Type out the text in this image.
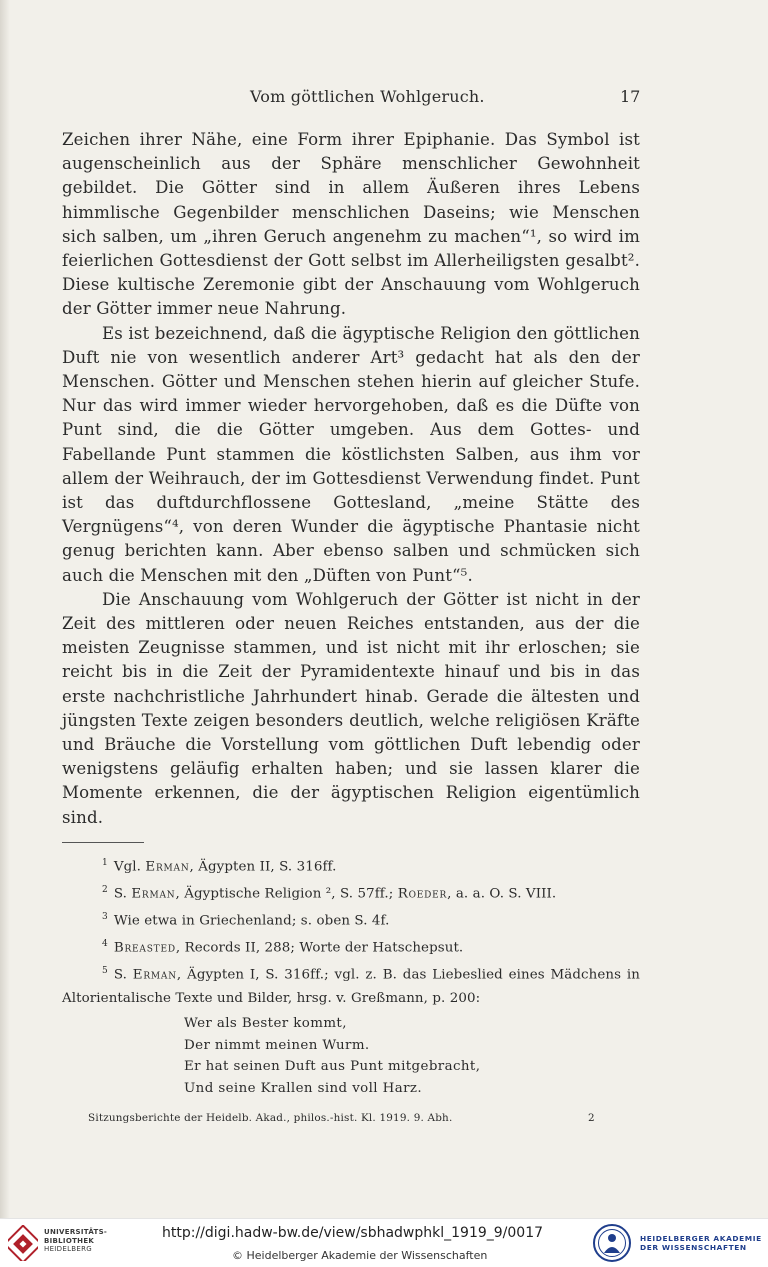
Vom göttlichen Wohlgeruch.	17

Zeichen ihrer Nähe, eine Form ihrer Epiphanie. Das Symbol ist augenscheinlich aus der Sphäre menschlicher Gewohnheit gebildet. Die Götter sind in allem Äußeren ihres Lebens himmlische Gegenbilder menschlichen Daseins; wie Menschen sich salben, um „ihren Geruch angenehm zu machen“¹, so wird im feierlichen Gottesdienst der Gott selbst im Allerheiligsten gesalbt². Diese kultische Zeremonie gibt der Anschauung vom Wohlgeruch der Götter immer neue Nahrung.

Es ist bezeichnend, daß die ägyptische Religion den göttlichen Duft nie von wesentlich anderer Art³ gedacht hat als den der Menschen. Götter und Menschen stehen hierin auf gleicher Stufe. Nur das wird immer wieder hervorgehoben, daß es die Düfte von Punt sind, die die Götter umgeben. Aus dem Gottes- und Fabellande Punt stammen die köstlichsten Salben, aus ihm vor allem der Weihrauch, der im Gottesdienst Verwendung findet. Punt ist das duftdurchflossene Gottesland, „meine Stätte des Vergnügens“⁴, von deren Wunder die ägyptische Phantasie nicht genug berichten kann. Aber ebenso salben und schmücken sich auch die Menschen mit den „Düften von Punt“⁵.

Die Anschauung vom Wohlgeruch der Götter ist nicht in der Zeit des mittleren oder neuen Reiches entstanden, aus der die meisten Zeugnisse stammen, und ist nicht mit ihr erloschen; sie reicht bis in die Zeit der Pyramidentexte hinauf und bis in das erste nachchristliche Jahrhundert hinab. Gerade die ältesten und jüngsten Texte zeigen besonders deutlich, welche religiösen Kräfte und Bräuche die Vorstellung vom göttlichen Duft lebendig oder wenigstens geläufig erhalten haben; und sie lassen klarer die Momente erkennen, die der ägyptischen Religion eigentümlich sind.

$^1$ Vgl. Erman, Ägypten II, S. 316ff.

$^2$ S. Erman, Ägyptische Religion ², S. 57ff.; Roeder, a. a. O. S. VIII.

$^3$ Wie etwa in Griechenland; s. oben S. 4f.

$^4$ Breasted, Records II, 288; Worte der Hatschepsut.

$^5$ S. Erman, Ägypten I, S. 316ff.; vgl. z. B. das Liebeslied eines Mädchens in Altorientalische Texte und Bilder, hrsg. v. Greßmann, p. 200:

Wer als Bester kommt,
Der nimmt meinen Wurm.
Er hat seinen Duft aus Punt mitgebracht,
Und seine Krallen sind voll Harz.
Sitzungsberichte der Heidelb. Akad., philos.-hist. Kl. 1919. 9. Abh.	2
UNIVERSITÄTS-
BIBLIOTHEK
HEIDELBERG
http://digi.hadw-bw.de/view/sbhadwphkl_1919_9/0017
© Heidelberger Akademie der Wissenschaften
HEIDELBERGER AKADEMIE
DER WISSENSCHAFTEN
